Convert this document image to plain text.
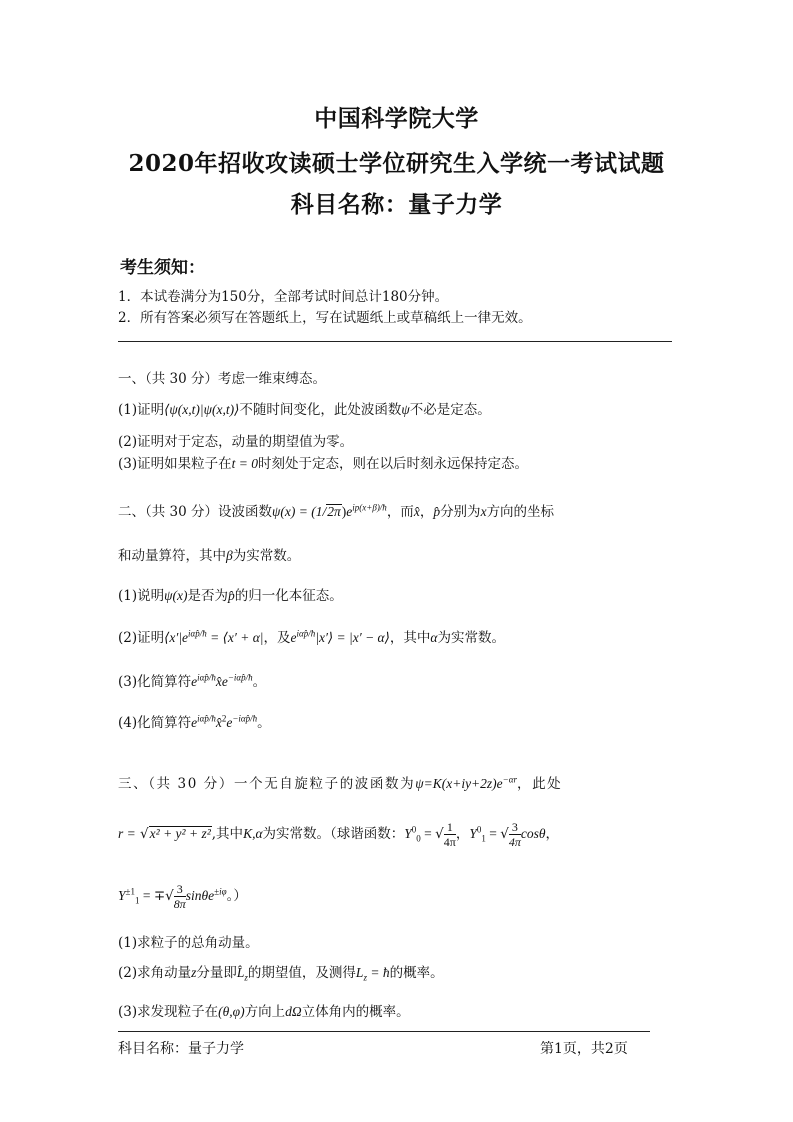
中国科学院大学
2020年招收攻读硕士学位研究生入学统一考试试题
科目名称：量子力学
考生须知：
1．本试卷满分为150分，全部考试时间总计180分钟。
2．所有答案必须写在答题纸上，写在试题纸上或草稿纸上一律无效。
一、（共 30 分）考虑一维束缚态。
(1)证明⟨ψ(x,t)|ψ(x,t)⟩不随时间变化，此处波函数ψ不必是定态。
(2)证明对于定态，动量的期望值为零。
(3)证明如果粒子在t = 0时刻处于定态，则在以后时刻永远保持定态。
二、（共 30 分）设波函数$\psi(x) = (1/2\pi)e^{ip(x+\beta)/ħ}$，而x̂，p̂分别为x方向的坐标
和动量算符，其中β为实常数。
(1)说明ψ(x)是否为p̂的归一化本征态。
(2)证明$⟨x'|e^{i\alpha p̂/ħ}$ = ⟨x′ + α|，及$e^{i\alpha p̂/ħ}|x'⟩ = |x'$ − α⟩，其中α为实常数。
(3)化简算符$e^{i\alpha p̂/ħ}x̂e^{-i\alpha p̂/ħ}$。
(4)化简算符$e^{i\alpha p̂/ħ}x̂^2e^{-i\alpha p̂/ħ}$。
三、（共 30 分）一个无自旋粒子的波函数为$\psi=K(x+iy+2z)e^{-\alpha r}$，此处
r = √x² + y² + z²,其中K,α为实常数。（球谐函数：$Y^0_0$ = √ $\frac{1}{4\pi}$ ，$Y^0_1$ = √ $\frac{3}{4\pi}$ cosθ，
$Y^{\pm 1}_1$ = ∓√ $\frac{3}{8\pi} \sin\theta e^{\pm i\varphi}$。）
(1)求粒子的总角动量。
(2)求角动量z分量即$L̂_z$的期望值，及测得$L_z$ = ħ的概率。
(3)求发现粒子在(θ,φ)方向上dΩ立体角内的概率。
科目名称：量子力学	第1页，共2页
